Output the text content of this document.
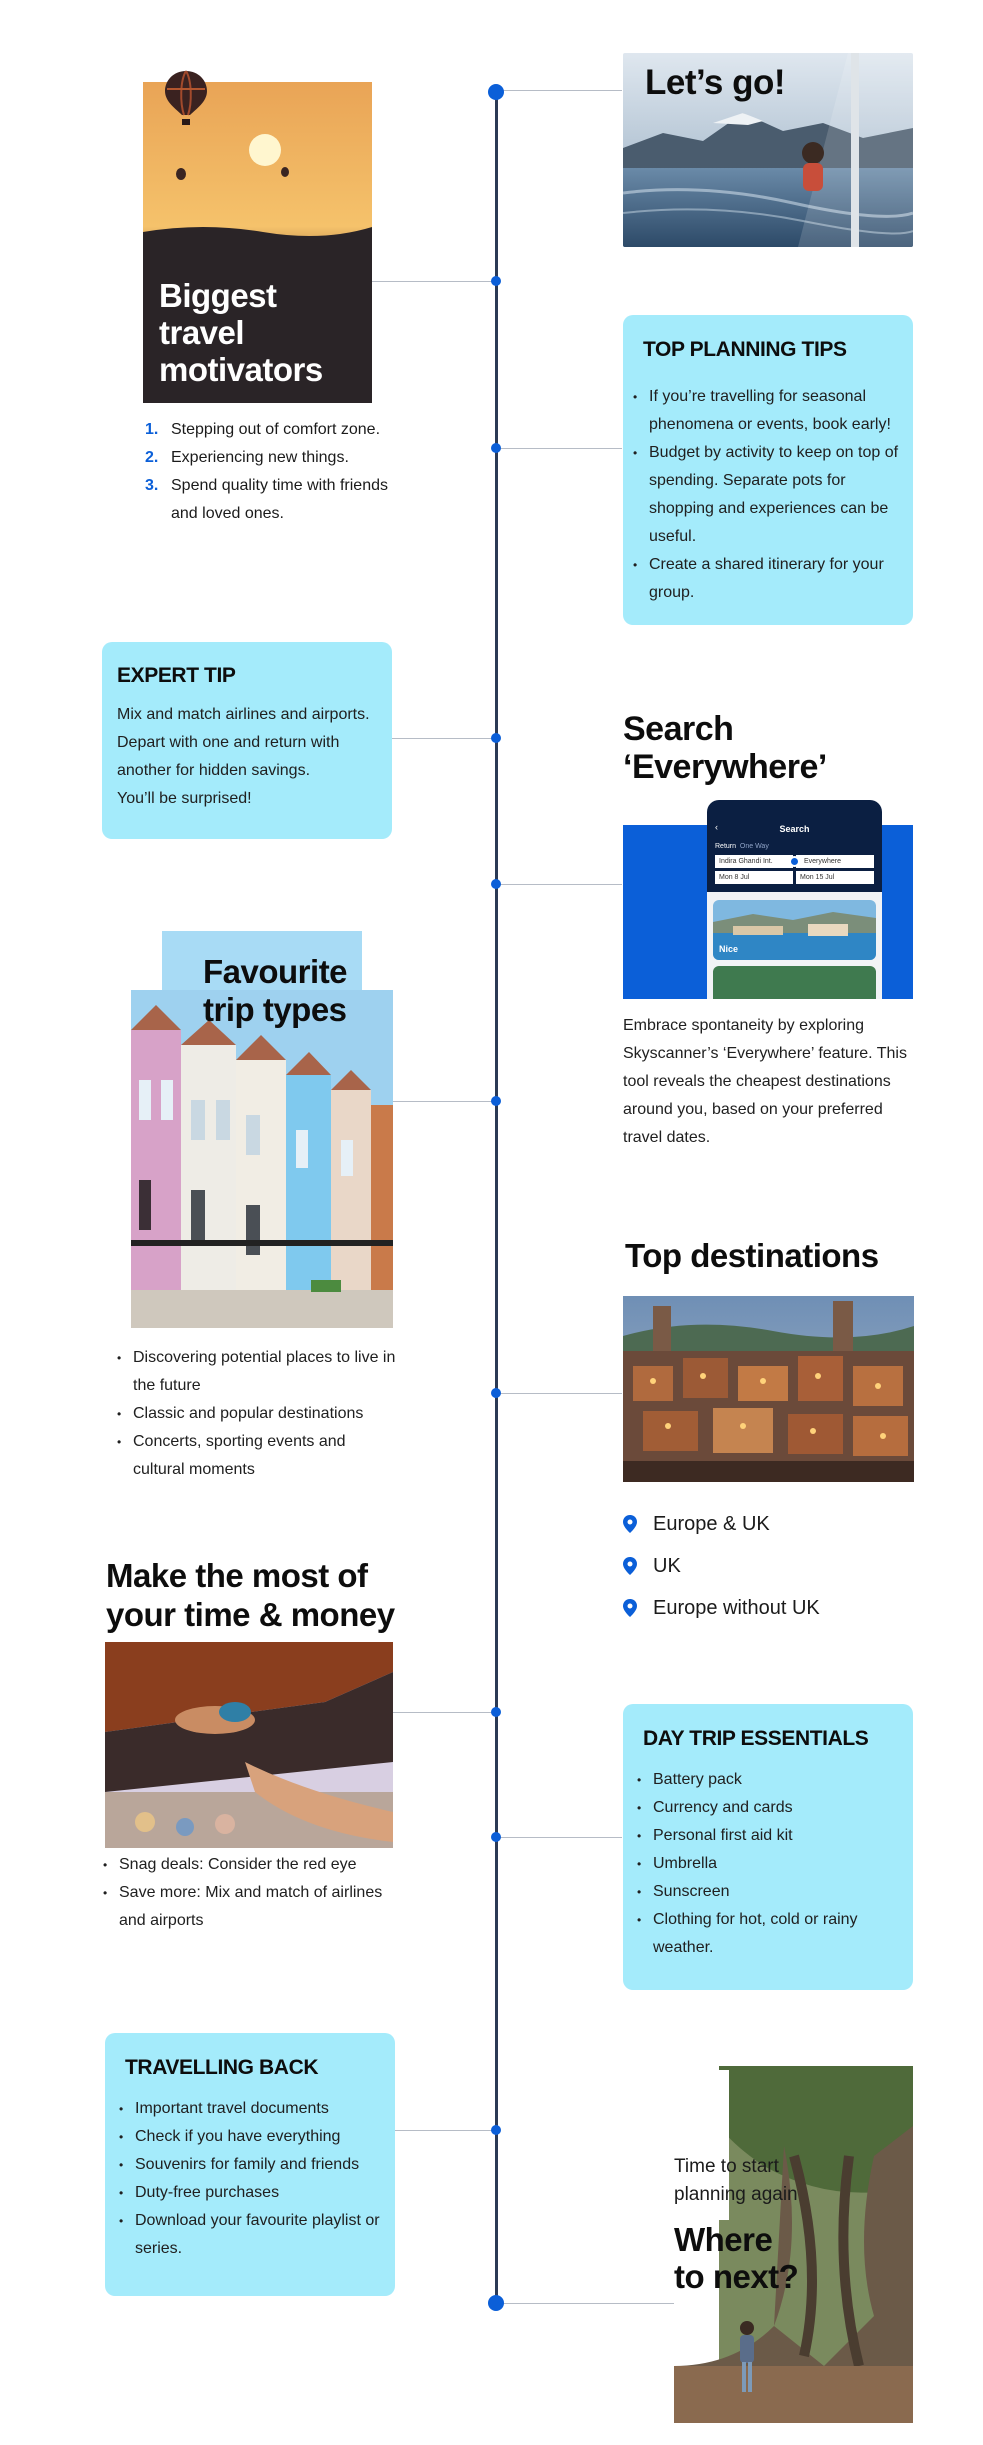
Let’s go!
Biggest
travel
motivators
1. Stepping out of comfort zone.
2. Experiencing new things.
3. Spend quality time with friends and loved ones.
TOP PLANNING TIPS
• If you’re travelling for seasonal phenomena or events, book early!
• Budget by activity to keep on top of spending. Separate pots for shopping and experiences can be useful.
• Create a shared itinerary for your group.
EXPERT TIP
Mix and match airlines and airports.
Depart with one and return with
another for hidden savings.
You’ll be surprised!
Search
‘Everywhere’
‹	Search
Return One Way
Indira Ghandi Int.	Everywhere
Mon 8 Jul	Mon 15 Jul
Nice
Embrace spontaneity by exploring Skyscanner’s ‘Everywhere’ feature. This tool reveals the cheapest destinations around you, based on your preferred travel dates.
Favourite
trip types
• Discovering potential places to live in the future
• Classic and popular destinations
• Concerts, sporting events and cultural moments
Top destinations
Europe & UK
UK
Europe without UK
Make the most of
your time & money
• Snag deals: Consider the red eye
• Save more: Mix and match of airlines and airports
DAY TRIP ESSENTIALS
• Battery pack
• Currency and cards
• Personal first aid kit
• Umbrella
• Sunscreen
• Clothing for hot, cold or rainy weather.
TRAVELLING BACK
• Important travel documents
• Check if you have everything
• Souvenirs for family and friends
• Duty-free purchases
• Download your favourite playlist or series.
Time to start
planning again
Where
to next?
